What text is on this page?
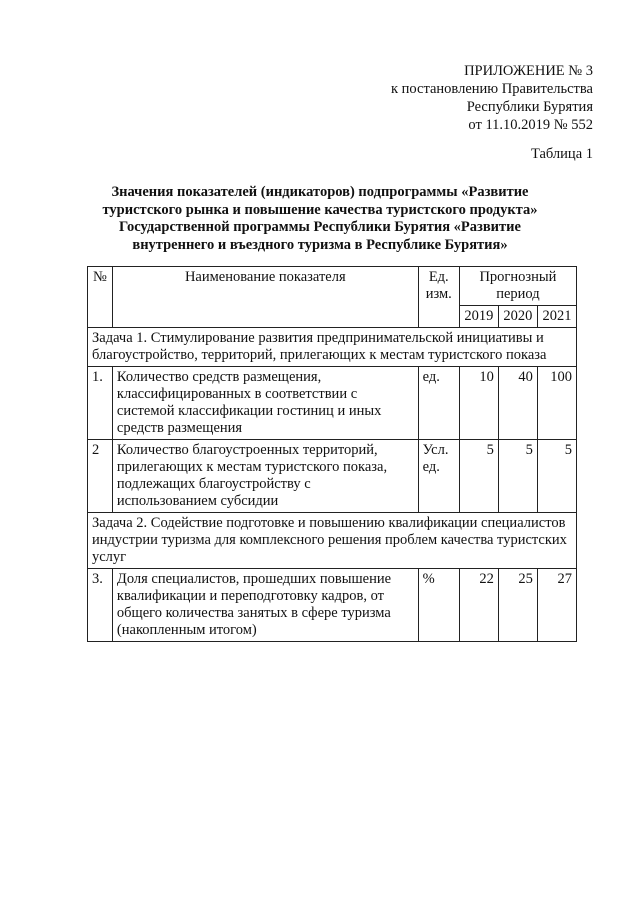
ПРИЛОЖЕНИЕ № 3
к постановлению Правительства
Республики Бурятия
от 11.10.2019 № 552
Таблица 1
Значения показателей (индикаторов) подпрограммы «Развитие
туристского рынка и повышение качества туристского продукта»
Государственной программы Республики Бурятия «Развитие
внутреннего и въездного туризма в Республике Бурятия»
№	Наименование показателя	Ед. изм.	Прогнозный период		
			2019	2020	2021
Задача 1. Стимулирование развития предпринимательской инициативы и благоустройство, территорий, прилегающих к местам туристского показа					
1.	Количество средств размещения, классифицированных в соответствии с системой классификации гостиниц и иных средств размещения	ед.	10	40	100
2	Количество благоустроенных территорий, прилегающих к местам туристского показа, подлежащих благоустройству с использованием субсидии	Усл. ед.	5	5	5
Задача 2. Содействие подготовке и повышению квалификации специалистов индустрии туризма для комплексного решения проблем качества туристских услуг					
3.	Доля специалистов, прошедших повышение квалификации и переподготовку кадров, от общего количества занятых в сфере туризма (накопленным итогом)	%	22	25	27
